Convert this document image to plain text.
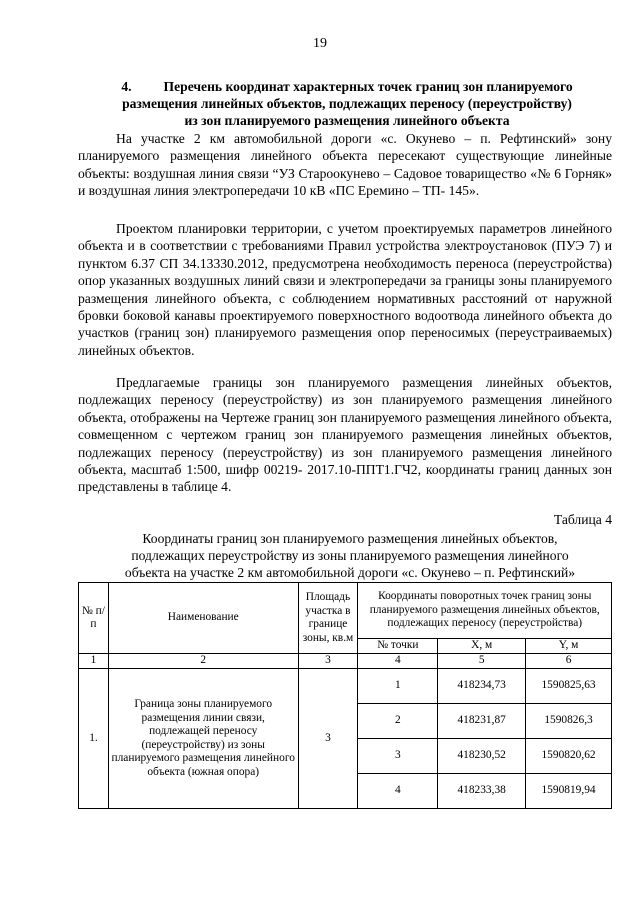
19
4. Перечень координат характерных точек границ зон планируемого
размещения линейных объектов, подлежащих переносу (переустройству)
из зон планируемого размещения линейного объекта

На участке 2 км автомобильной дороги «с. Окунево – п. Рефтинский» зону планируемого размещения линейного объекта пересекают существующие линейные объекты: воздушная линия связи “УЗ Староокунево – Садовое товарищество «№ 6 Горняк» и воздушная линия электропередачи 10 кВ «ПС Еремино – ТП- 145».

Проектом планировки территории, с учетом проектируемых параметров линейного объекта и в соответствии с требованиями Правил устройства электроустановок (ПУЭ 7) и пунктом 6.37 СП 34.13330.2012, предусмотрена необходимость переноса (переустройства) опор указанных воздушных линий связи и электропередачи за границы зоны планируемого размещения линейного объекта, с соблюдением нормативных расстояний от наружной бровки боковой канавы проектируемого поверхностного водоотвода линейного объекта до участков (границ зон) планируемого размещения опор переносимых (переустраиваемых) линейных объектов.

Предлагаемые границы зон планируемого размещения линейных объектов, подлежащих переносу (переустройству) из зон планируемого размещения линейного объекта, отображены на Чертеже границ зон планируемого размещения линейного объекта, совмещенном с чертежом границ зон планируемого размещения линейных объектов, подлежащих переносу (переустройству) из зон планируемого размещения линейного объекта, масштаб 1:500, шифр 00219- 2017.10-ППТ1.ГЧ2, координаты границ данных зон представлены в таблице 4.

Таблица 4
Координаты границ зон планируемого размещения линейных объектов,
подлежащих переустройству из зоны планируемого размещения линейного
объекта на участке 2 км автомобильной дороги «с. Окунево – п. Рефтинский»
№ п/п	Наименование	Площадь участка в границе зоны, кв.м	Координаты поворотных точек границ зоны планируемого размещения линейных объектов, подлежащих переносу (переустройства)		
			№ точки	X, м	Y, м
1	2	3	4	5	6
1.	Граница зоны планируемого размещения линии связи, подлежащей переносу (переустройству) из зоны планируемого размещения линейного объекта (южная опора)	3	1	418234,73	1590825,63
			2	418231,87	1590826,3
			3	418230,52	1590820,62
			4	418233,38	1590819,94
